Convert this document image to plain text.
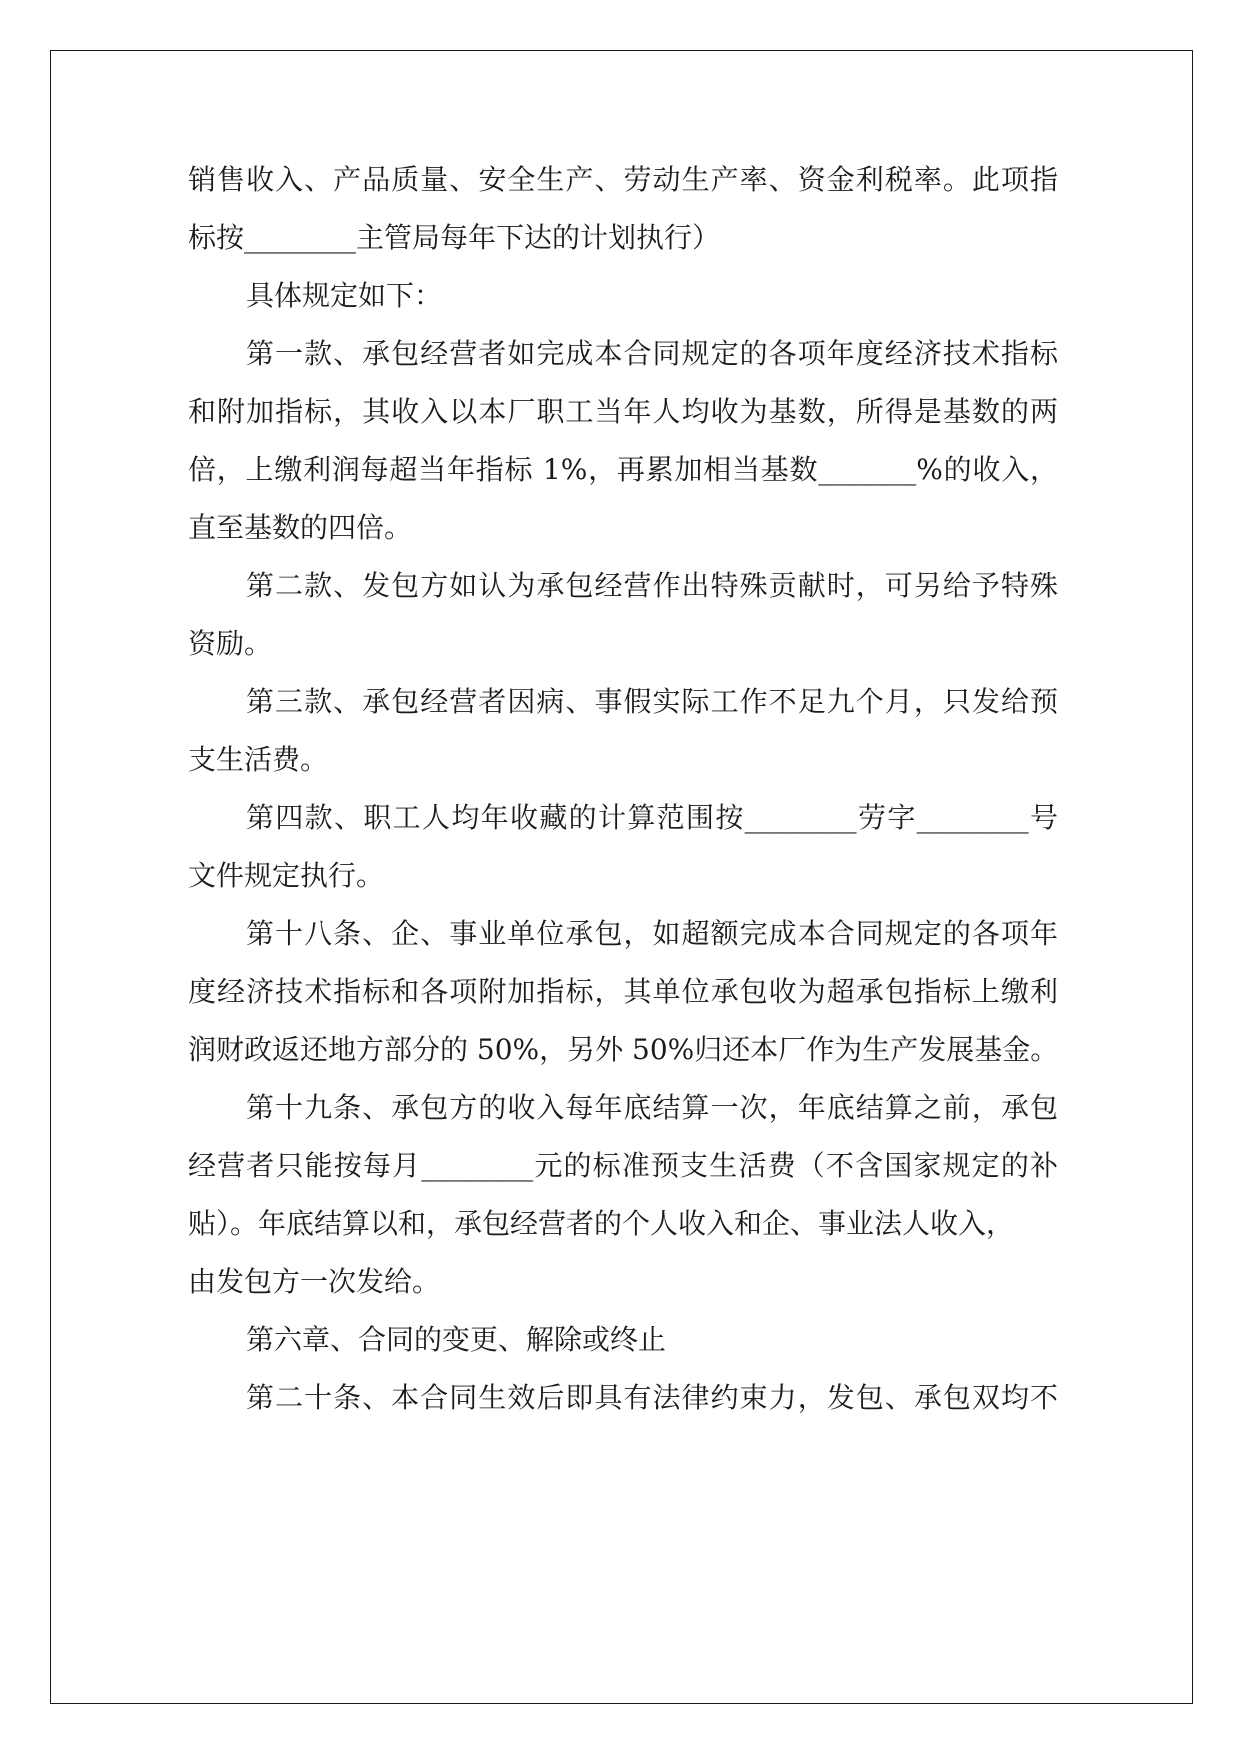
销售收入、产品质量、安全生产、劳动生产率、资金利税率。此项指
标按________主管局每年下达的计划执行）
具体规定如下：
第一款、承包经营者如完成本合同规定的各项年度经济技术指标
和附加指标，其收入以本厂职工当年人均收为基数，所得是基数的两
倍，上缴利润每超当年指标 1%，再累加相当基数_______%的收入，
直至基数的四倍。
第二款、发包方如认为承包经营作出特殊贡献时，可另给予特殊
资励。
第三款、承包经营者因病、事假实际工作不足九个月，只发给预
支生活费。
第四款、职工人均年收藏的计算范围按________劳字________号
文件规定执行。
第十八条、企、事业单位承包，如超额完成本合同规定的各项年
度经济技术指标和各项附加指标，其单位承包收为超承包指标上缴利
润财政返还地方部分的 50%，另外 50%归还本厂作为生产发展基金。
第十九条、承包方的收入每年底结算一次，年底结算之前，承包
经营者只能按每月________元的标准预支生活费（不含国家规定的补
贴）。年底结算以和，承包经营者的个人收入和企、事业法人收入，
由发包方一次发给。
第六章、合同的变更、解除或终止
第二十条、本合同生效后即具有法律约束力，发包、承包双均不
